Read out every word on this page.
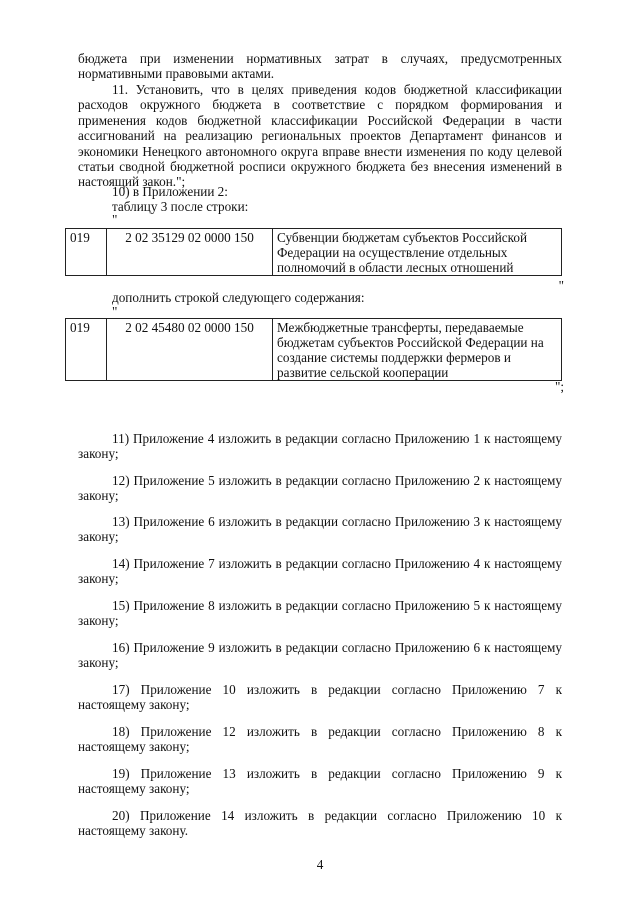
бюджета при изменении нормативных затрат в случаях, предусмотренных нормативными правовыми актами.

11. Установить, что в целях приведения кодов бюджетной классификации расходов окружного бюджета в соответствие с порядком формирования и применения кодов бюджетной классификации Российской Федерации в части ассигнований на реализацию региональных проектов Департамент финансов и экономики Ненецкого автономного округа вправе внести изменения по коду целевой статьи сводной бюджетной росписи окружного бюджета без внесения изменений в настоящий закон.";

10) в Приложении 2:
таблицу 3 после строки:
"
019	2 02 35129 02 0000 150	Субвенции бюджетам субъектов Российской Федерации на осуществление отдельных полномочий в области лесных отношений
"
дополнить строкой следующего содержания:
"
019	2 02 45480 02 0000 150	Межбюджетные трансферты, передаваемые бюджетам субъектов Российской Федерации на создание системы поддержки фермеров и развитие сельской кооперации
";

11) Приложение 4 изложить в редакции согласно Приложению 1 к настоящему закону;

12) Приложение 5 изложить в редакции согласно Приложению 2 к настоящему закону;

13) Приложение 6 изложить в редакции согласно Приложению 3 к настоящему закону;

14) Приложение 7 изложить в редакции согласно Приложению 4 к настоящему закону;

15) Приложение 8 изложить в редакции согласно Приложению 5 к настоящему закону;

16) Приложение 9 изложить в редакции согласно Приложению 6 к настоящему закону;

17) Приложение 10 изложить в редакции согласно Приложению 7 к настоящему закону;

18) Приложение 12 изложить в редакции согласно Приложению 8 к настоящему закону;

19) Приложение 13 изложить в редакции согласно Приложению 9 к настоящему закону;

20) Приложение 14 изложить в редакции согласно Приложению 10 к настоящему закону.

4
